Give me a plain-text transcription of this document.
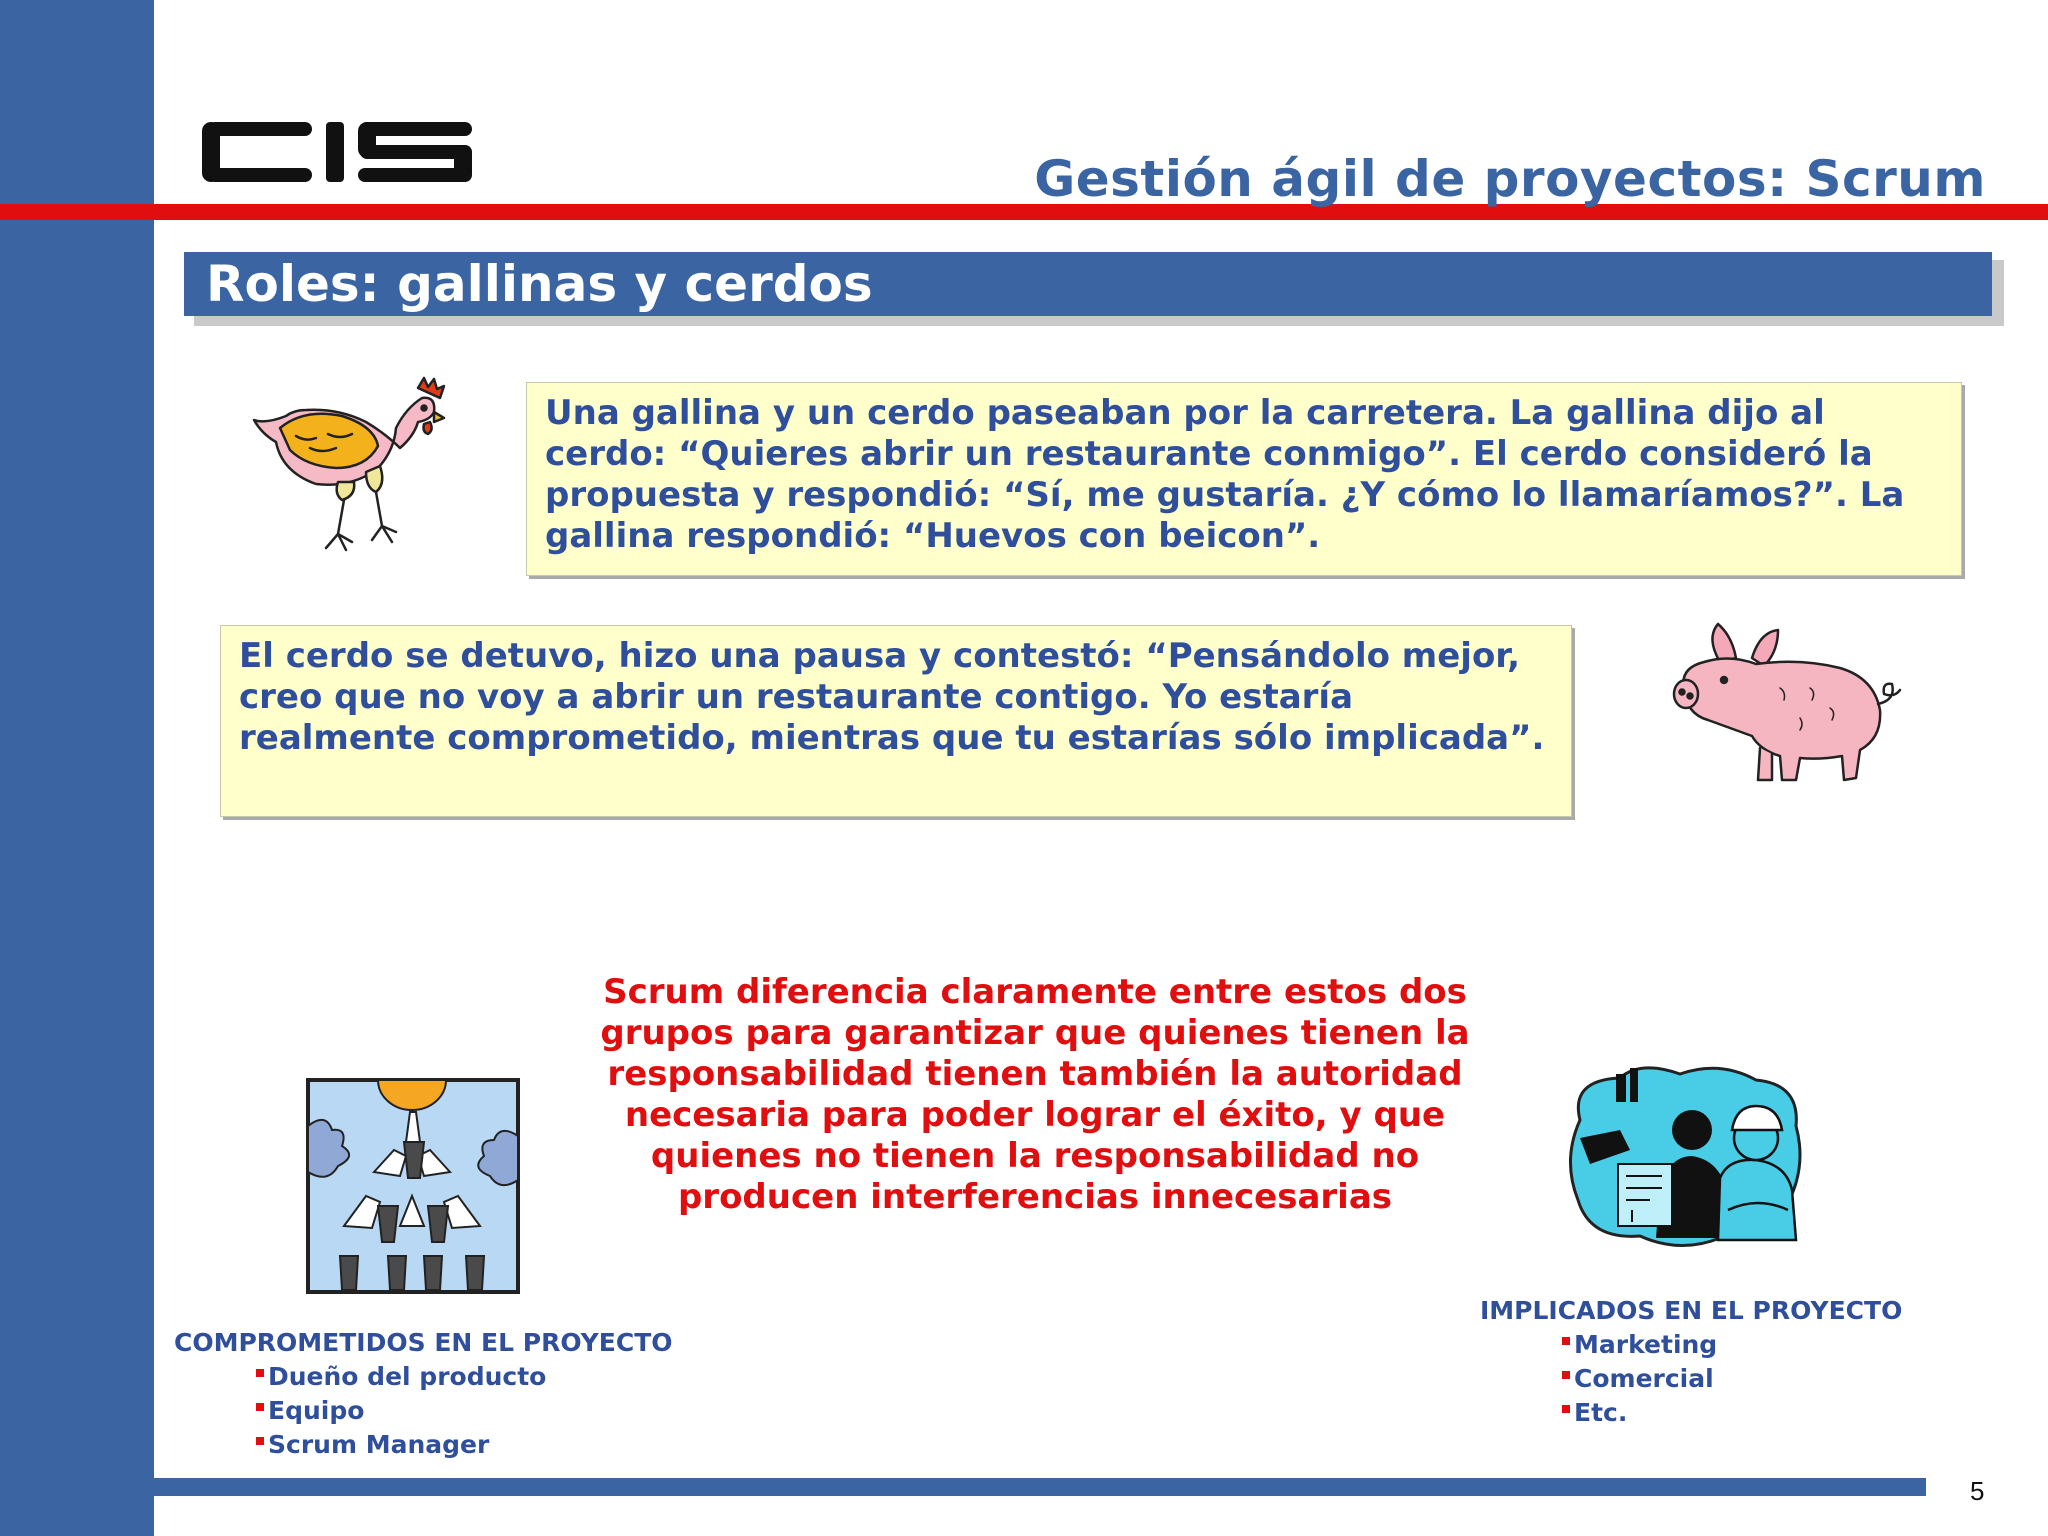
Gestión ágil de proyectos: Scrum
Roles: gallinas y cerdos
Una gallina y un cerdo paseaban por la carretera. La gallina dijo al cerdo: “Quieres abrir un restaurante conmigo”. El cerdo consideró la propuesta y respondió: “Sí, me gustaría. ¿Y cómo lo llamaríamos?”. La gallina respondió: “Huevos con beicon”.
El cerdo se detuvo, hizo una pausa y contestó: “Pensándolo mejor, creo que no voy a abrir un restaurante contigo. Yo estaría realmente comprometido, mientras que tu estarías sólo implicada”.
Scrum diferencia claramente entre estos dos grupos para garantizar que quienes tienen la responsabilidad tienen también la autoridad necesaria para poder lograr el éxito, y que quienes no tienen la responsabilidad no producen interferencias innecesarias
COMPROMETIDOS EN EL PROYECTO
Dueño del producto
Equipo
Scrum Manager
IMPLICADOS EN EL PROYECTO
Marketing
Comercial
Etc.
5
